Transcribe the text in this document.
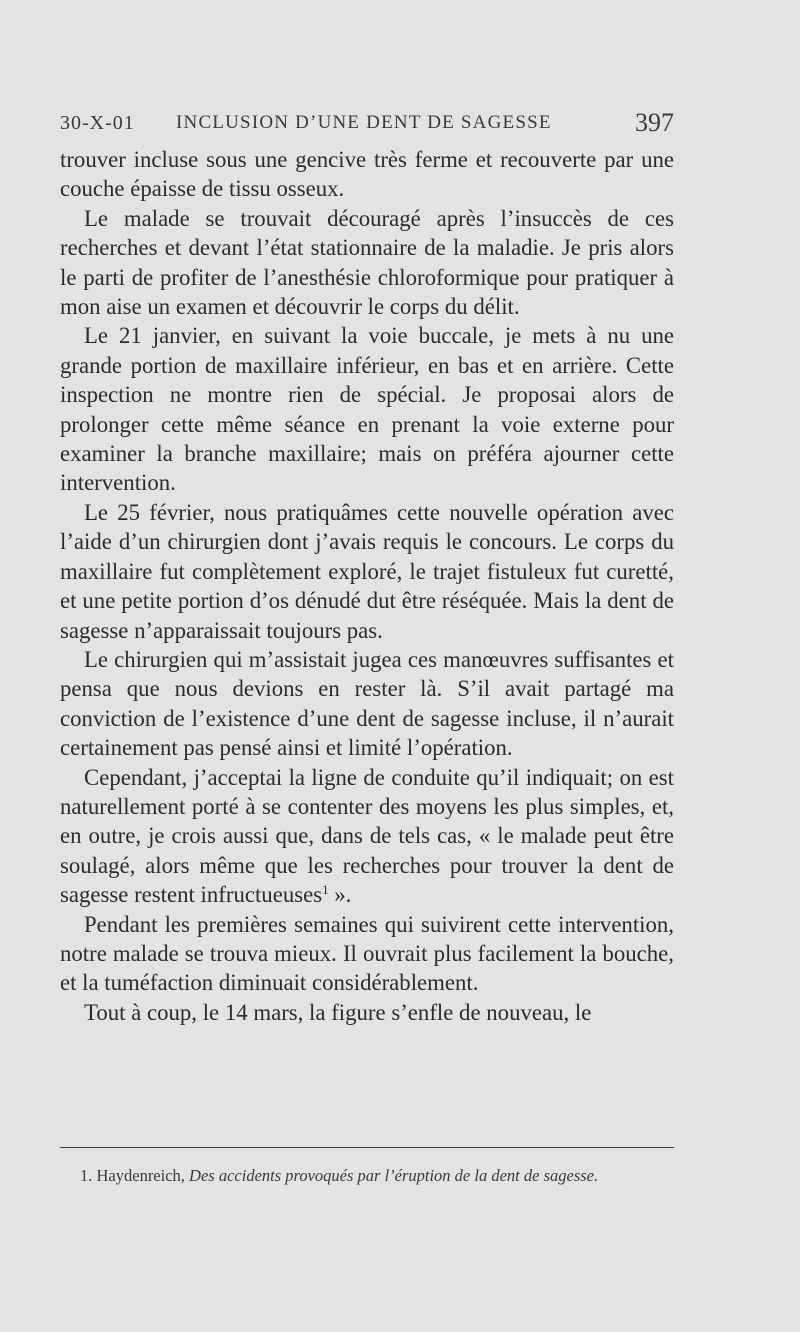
30-X-01 INCLUSION D’UNE DENT DE SAGESSE	397

trouver incluse sous une gencive très ferme et recouverte par une couche épaisse de tissu osseux.

Le malade se trouvait découragé après l’insuccès de ces recherches et devant l’état stationnaire de la maladie. Je pris alors le parti de profiter de l’anesthésie chloroformique pour pratiquer à mon aise un examen et découvrir le corps du délit.

Le 21 janvier, en suivant la voie buccale, je mets à nu une grande portion de maxillaire inférieur, en bas et en arrière. Cette inspection ne montre rien de spécial. Je proposai alors de prolonger cette même séance en prenant la voie externe pour examiner la branche maxillaire; mais on préféra ajourner cette intervention.

Le 25 février, nous pratiquâmes cette nouvelle opération avec l’aide d’un chirurgien dont j’avais requis le concours. Le corps du maxillaire fut complètement exploré, le trajet fistuleux fut curetté, et une petite portion d’os dénudé dut être réséquée. Mais la dent de sagesse n’apparaissait toujours pas.

Le chirurgien qui m’assistait jugea ces manœuvres suffisantes et pensa que nous devions en rester là. S’il avait partagé ma conviction de l’existence d’une dent de sagesse incluse, il n’aurait certainement pas pensé ainsi et limité l’opération.

Cependant, j’acceptai la ligne de conduite qu’il indiquait; on est naturellement porté à se contenter des moyens les plus simples, et, en outre, je crois aussi que, dans de tels cas, « le malade peut être soulagé, alors même que les recherches pour trouver la dent de sagesse restent infructueuses$^1$ ».

Pendant les premières semaines qui suivirent cette intervention, notre malade se trouva mieux. Il ouvrait plus facilement la bouche, et la tuméfaction diminuait considérablement.

Tout à coup, le 14 mars, la figure s’enfle de nouveau, le

1. Haydenreich, Des accidents provoqués par l’éruption de la dent de sagesse.
